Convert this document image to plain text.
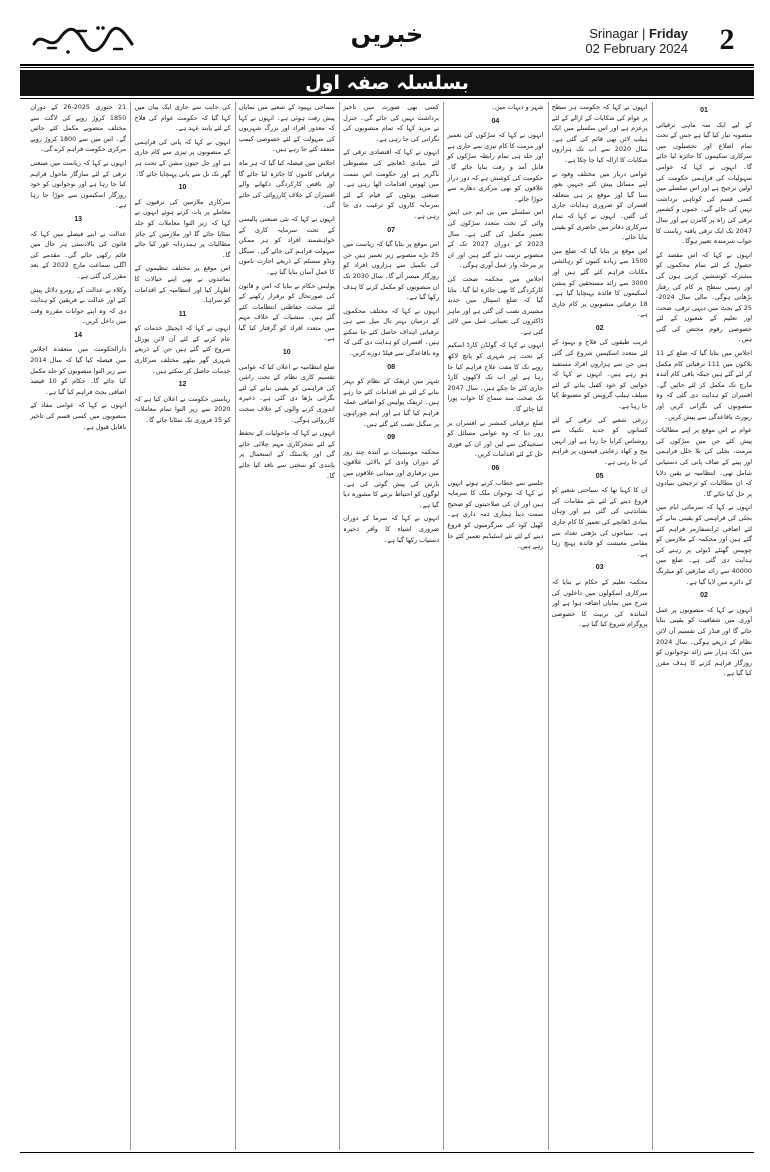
خبریں	Srinagar | Friday
02 February 2024	2
بسلسلہ صفہ اول
01

کے لیے ایک سہ ماہی ترقیاتی منصوبہ تیار کیا گیا ہے جس کے تحت تمام اضلاع اور تحصیلوں میں سرکاری سکیموں کا جائزہ لیا جائے گا۔ انہوں نے کہا کہ عوامی سہولیات کی فراہمی حکومت کی اولین ترجیح ہے اور اس سلسلے میں کسی قسم کی کوتاہی برداشت نہیں کی جائے گی۔ جموں و کشمیر ترقی کی راہ پر گامزن ہے اور سال 2047 تک ایک ترقی یافتہ ریاست کا خواب شرمندہ تعبیر ہوگا۔

انہوں نے کہا کہ اس مقصد کے حصول کے لئے تمام محکموں کو مشترکہ کوششیں کرنی ہوں گی اور زمینی سطح پر کام کی رفتار بڑھانی ہوگی۔ مالی سال 2024-25 کے بجٹ میں دیہی ترقی، صحت اور تعلیم کے شعبوں کے لئے خصوصی رقوم مختص کی گئی ہیں۔

اجلاس میں بتایا گیا کہ ضلع کے 11 بلاکوں میں 111 ترقیاتی کام مکمل کر لئے گئے ہیں جبکہ باقی کام آئندہ مارچ تک مکمل کر لئے جائیں گے۔ افسران کو ہدایت دی گئی کہ وہ منصوبوں کی نگرانی کریں اور رپورٹ باقاعدگی سے پیش کریں۔

عوام نے اس موقع پر اپنے مطالبات پیش کئے جن میں سڑکوں کی مرمت، بجلی کی بلا خلل فراہمی اور پینے کے صاف پانی کی دستیابی شامل تھی۔ انتظامیہ نے یقین دلایا کہ ان مطالبات کو ترجیحی بنیادوں پر حل کیا جائے گا۔

انہوں نے کہا کہ سرمائی ایام میں بجلی کی فراہمی کو یقینی بنانے کے لئے اضافی ٹرانسفارمر فراہم کئے گئے ہیں اور محکمہ کے ملازمین کو چوبیس گھنٹے ڈیوٹی پر رہنے کی ہدایت دی گئی ہے۔ ضلع میں 40000 سے زائد صارفین کو میٹرنگ کے دائرے میں لایا گیا ہے۔

02

انہوں نے کہا کہ منصوبوں پر عمل آوری میں شفافیت کو یقینی بنایا جائے گا اور فنڈز کی تقسیم آن لائن نظام کے ذریعے ہوگی۔ سال 2024 میں ایک ہزار سے زائد نوجوانوں کو روزگار فراہم کرنے کا ہدف مقرر کیا گیا ہے۔

انہوں نے کہا کہ حکومت ہر سطح پر عوام کی شکایات کے ازالے کے لئے پرعزم ہے اور اس سلسلے میں ایک ہیلپ لائن بھی قائم کی گئی ہے۔ سال 2020 سے اب تک ہزاروں شکایات کا ازالہ کیا جا چکا ہے۔

عوامی دربار میں مختلف وفود نے اپنے مسائل پیش کئے جنہیں بغور سنا گیا اور موقع پر ہی متعلقہ افسران کو ضروری ہدایات جاری کی گئیں۔ انہوں نے کہا کہ تمام سرکاری دفاتر میں حاضری کو یقینی بنایا جائے۔

اس موقع پر بتایا گیا کہ ضلع میں 1500 سے زیادہ کنبوں کو رہائشی مکانات فراہم کئے گئے ہیں اور 3000 سے زائد مستحقین کو پنشن اسکیموں کا فائدہ پہنچایا گیا ہے۔ 18 ترقیاتی منصوبوں پر کام جاری ہے۔

02

غریب طبقوں کی فلاح و بہبود کے لئے متعدد اسکیمیں شروع کی گئی ہیں جن سے ہزاروں افراد مستفید ہو رہے ہیں۔ انہوں نے کہا کہ خواتین کو خود کفیل بنانے کے لئے سیلف ہیلپ گروپس کو مضبوط کیا جا رہا ہے۔

زرعی شعبے کی ترقی کے لئے کسانوں کو جدید تکنیک سے روشناس کرایا جا رہا ہے اور انہیں بیج و کھاد رعایتی قیمتوں پر فراہم کی جا رہی ہے۔

05

ان کا کہنا تھا کہ سیاحتی شعبے کو فروغ دینے کے لئے نئے مقامات کی نشاندہی کی گئی ہے اور وہاں بنیادی ڈھانچے کی تعمیر کا کام جاری ہے۔ سیاحوں کی بڑھتی تعداد سے مقامی معیشت کو فائدہ پہنچ رہا ہے۔

03

محکمہ تعلیم کے حکام نے بتایا کہ سرکاری اسکولوں میں داخلوں کی شرح میں نمایاں اضافہ ہوا ہے اور اساتذہ کی تربیت کا خصوصی پروگرام شروع کیا گیا ہے۔

شہر و دیہات میں۔

04

انہوں نے کہا کہ سڑکوں کی تعمیر اور مرمت کا کام تیزی سے جاری ہے اور جلد ہی تمام رابطہ سڑکوں کو قابل آمد و رفت بنایا جائے گا۔ حکومت کی کوشش ہے کہ دور دراز علاقوں کو بھی مرکزی دھارے سے جوڑا جائے۔

اس سلسلے میں پی ایم جی ایس وائی کے تحت متعدد سڑکوں کی تعمیر مکمل کی گئی ہے۔ سال 2023 کے دوران 2027 تک کے منصوبے ترتیب دئے گئے ہیں اور ان پر مرحلہ وار عمل آوری ہوگی۔

اجلاس میں محکمہ صحت کی کارکردگی کا بھی جائزہ لیا گیا۔ بتایا گیا کہ ضلع اسپتال میں جدید مشینری نصب کی گئی ہے اور ماہر ڈاکٹروں کی تعیناتی عمل میں لائی گئی ہے۔

انہوں نے کہا کہ گولڈن کارڈ اسکیم کے تحت ہر شہری کو پانچ لاکھ روپے تک کا مفت علاج فراہم کیا جا رہا ہے اور اب تک لاکھوں کارڈ جاری کئے جا چکے ہیں۔ سال 2047 تک صحت مند سماج کا خواب پورا کیا جائے گا۔

ضلع ترقیاتی کمشنر نے افسران پر زور دیا کہ وہ عوامی مسائل کو سنجیدگی سے لیں اور ان کے فوری حل کے لئے اقدامات کریں۔

06

جلسے سے خطاب کرتے ہوئے انہوں نے کہا کہ نوجوان ملک کا سرمایہ ہیں اور ان کی صلاحیتوں کو صحیح سمت دینا ہماری ذمہ داری ہے۔ کھیل کود کی سرگرمیوں کو فروغ دینے کے لئے نئے اسٹیڈیم تعمیر کئے جا رہے ہیں۔

کسی بھی صورت میں تاخیر برداشت نہیں کی جائے گی۔ جنرل نے مزید کہا کہ تمام منصوبوں کی نگرانی کی جا رہی ہے۔

انہوں نے کہا کہ اقتصادی ترقی کے لئے بنیادی ڈھانچے کی مضبوطی ناگزیر ہے اور حکومت اس سمت میں ٹھوس اقدامات اٹھا رہی ہے۔ صنعتی یونٹوں کے قیام کے لئے سرمایہ کاروں کو ترغیب دی جا رہی ہے۔

07

اس موقع پر بتایا گیا کہ ریاست میں 25 بڑے منصوبے زیر تعمیر ہیں جن کی تکمیل سے ہزاروں افراد کو روزگار میسر آئے گا۔ سال 2030 تک ان منصوبوں کو مکمل کرنے کا ہدف رکھا گیا ہے۔

انہوں نے کہا کہ مختلف محکموں کے درمیان بہتر تال میل سے ہی ترقیاتی اہداف حاصل کئے جا سکتے ہیں۔ افسران کو ہدایت دی گئی کہ وہ باقاعدگی سے فیلڈ دورے کریں۔

08

شہر میں ٹریفک کے نظام کو بہتر بنانے کے لئے نئے اقدامات کئے جا رہے ہیں۔ ٹریفک پولیس کو اضافی عملہ فراہم کیا گیا ہے اور اہم چوراہوں پر سگنل نصب کئے گئے ہیں۔

09

محکمہ موسمیات نے آئندہ چند روز کے دوران وادی کے بالائی علاقوں میں برفباری اور میدانی علاقوں میں بارش کی پیش گوئی کی ہے۔ لوگوں کو احتیاط برتنے کا مشورہ دیا گیا ہے۔

انہوں نے کہا کہ سرما کے دوران ضروری اشیاء کا وافر ذخیرہ دستیاب رکھا گیا ہے۔

سماجی بہبود کے شعبے میں نمایاں پیش رفت ہوئی ہے۔ انہوں نے کہا کہ معذور افراد اور بزرگ شہریوں کی سہولت کے لئے خصوصی کیمپ منعقد کئے جا رہے ہیں۔

اجلاس میں فیصلہ کیا گیا کہ ہر ماہ ترقیاتی کاموں کا جائزہ لیا جائے گا اور ناقص کارکردگی دکھانے والے افسران کے خلاف کارروائی کی جائے گی۔

انہوں نے کہا کہ نئی صنعتی پالیسی کے تحت سرمایہ کاری کے خواہشمند افراد کو ہر ممکن سہولت فراہم کی جائے گی۔ سنگل ونڈو سسٹم کے ذریعے اجازت ناموں کا عمل آسان بنایا گیا ہے۔

پولیس حکام نے بتایا کہ امن و قانون کی صورتحال کو برقرار رکھنے کے لئے سخت حفاظتی انتظامات کئے گئے ہیں۔ منشیات کے خلاف مہم میں متعدد افراد کو گرفتار کیا گیا ہے۔

10

ضلع انتظامیہ نے اعلان کیا کہ عوامی تقسیم کاری نظام کے تحت راشن کی فراہمی کو یقینی بنانے کے لئے نگرانی بڑھا دی گئی ہے۔ ذخیرہ اندوزی کرنے والوں کے خلاف سخت کارروائی ہوگی۔

انہوں نے کہا کہ ماحولیات کے تحفظ کے لئے شجرکاری مہم چلائی جائے گی اور پلاسٹک کے استعمال پر پابندی کو سختی سے نافذ کیا جائے گا۔

کی جانب سے جاری ایک بیان میں کہا گیا کہ حکومت عوام کی فلاح کے لئے پابند عہد ہے۔

انہوں نے کہا کہ پانی کی فراہمی کے منصوبوں پر تیزی سے کام جاری ہے اور جل جیون مشن کے تحت ہر گھر تک نل سے پانی پہنچایا جائے گا۔

10

سرکاری ملازمین کی ترقیوں کے معاملے پر بات کرتے ہوئے انہوں نے کہا کہ زیر التوا معاملات کو جلد نمٹایا جائے گا اور ملازمین کے جائز مطالبات پر ہمدردانہ غور کیا جائے گا۔

اس موقع پر مختلف تنظیموں کے نمائندوں نے بھی اپنے خیالات کا اظہار کیا اور انتظامیہ کے اقدامات کو سراہا۔

11

انہوں نے کہا کہ ڈیجیٹل خدمات کو عام کرنے کے لئے آن لائن پورٹل شروع کئے گئے ہیں جن کے ذریعے شہری گھر بیٹھے مختلف سرکاری خدمات حاصل کر سکتے ہیں۔

12

ریاستی حکومت نے اعلان کیا ہے کہ 2020 سے زیر التوا تمام معاملات کو 15 فروری تک نمٹایا جائے گا۔

21 جنوری 2025-26 کے دوران 1850 کروڑ روپے کی لاگت سے مختلف منصوبے مکمل کئے جائیں گے۔ اس میں سے 1800 کروڑ روپے مرکزی حکومت فراہم کرے گی۔

انہوں نے کہا کہ ریاست میں صنعتی ترقی کے لئے سازگار ماحول فراہم کیا جا رہا ہے اور نوجوانوں کو خود روزگار اسکیموں سے جوڑا جا رہا ہے۔

13

عدالت نے اپنے فیصلے میں کہا کہ قانون کی بالادستی ہر حال میں قائم رکھی جائے گی۔ مقدمے کی اگلی سماعت مارچ 2022 کے بعد مقرر کی گئی ہے۔

وکلاء نے عدالت کے روبرو دلائل پیش کئے اور عدالت نے فریقین کو ہدایت دی کہ وہ اپنے جوابات مقررہ وقت میں داخل کریں۔

14

دارالحکومت میں منعقدہ اجلاس میں فیصلہ کیا گیا کہ سال 2014 سے زیر التوا منصوبوں کو جلد مکمل کیا جائے گا۔ حکام کو 10 فیصد اضافی بجٹ فراہم کیا گیا ہے۔

انہوں نے کہا کہ عوامی مفاد کے منصوبوں میں کسی قسم کی تاخیر ناقابل قبول ہے۔
